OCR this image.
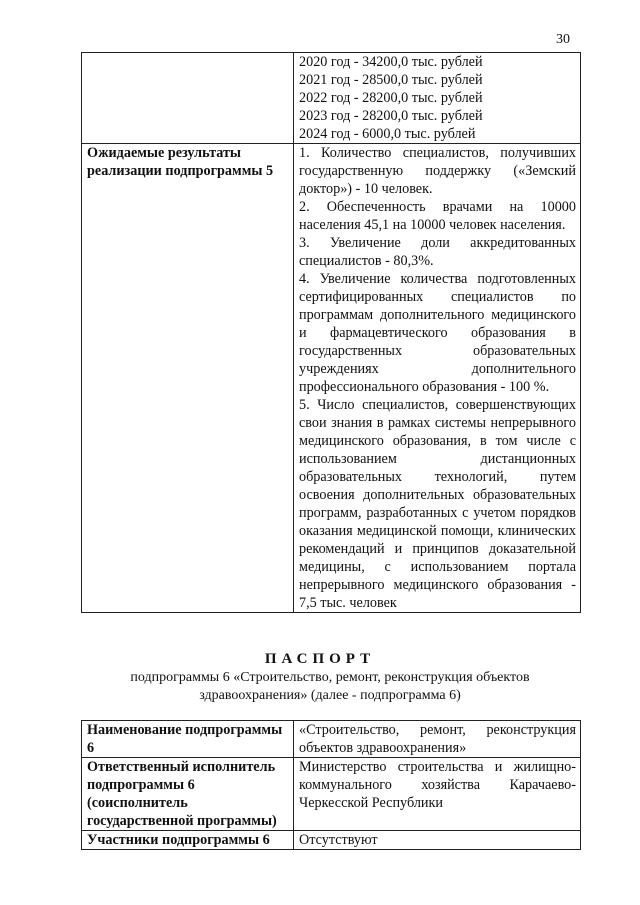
30

	2020 год - 34200,0 тыс. рублей
2021 год - 28500,0 тыс. рублей
2022 год - 28200,0 тыс. рублей
2023 год - 28200,0 тыс. рублей
2024 год - 6000,0 тыс. рублей

Ожидаемые результаты реализации подпрограммы 5	1. Количество специалистов, получивших государственную поддержку («Земский доктор») - 10 человек.
2. Обеспеченность врачами на 10000 населения 45,1 на 10000 человек населения.
3. Увеличение доли аккредитованных специалистов - 80,3%.
4. Увеличение количества подготовленных сертифицированных специалистов по программам дополнительного медицинского и фармацевтического образования в государственных образовательных учреждениях дополнительного профессионального образования - 100 %.
5. Число специалистов, совершенствующих свои знания в рамках системы непрерывного медицинского образования, в том числе с использованием дистанционных образовательных технологий, путем освоения дополнительных образовательных программ, разработанных с учетом порядков оказания медицинской помощи, клинических рекомендаций и принципов доказательной медицины, с использованием портала непрерывного медицинского образования - 7,5 тыс. человек
ПАСПОРТ
подпрограммы 6 «Строительство, ремонт, реконструкция объектов здравоохранения» (далее - подпрограмма 6)
Наименование подпрограммы 6	«Строительство, ремонт, реконструкция объектов здравоохранения»
Ответственный исполнитель подпрограммы 6 (соисполнитель государственной программы)	Министерство строительства и жилищно-коммунального хозяйства Карачаево-Черкесской Республики
Участники подпрограммы 6	Отсутствуют
